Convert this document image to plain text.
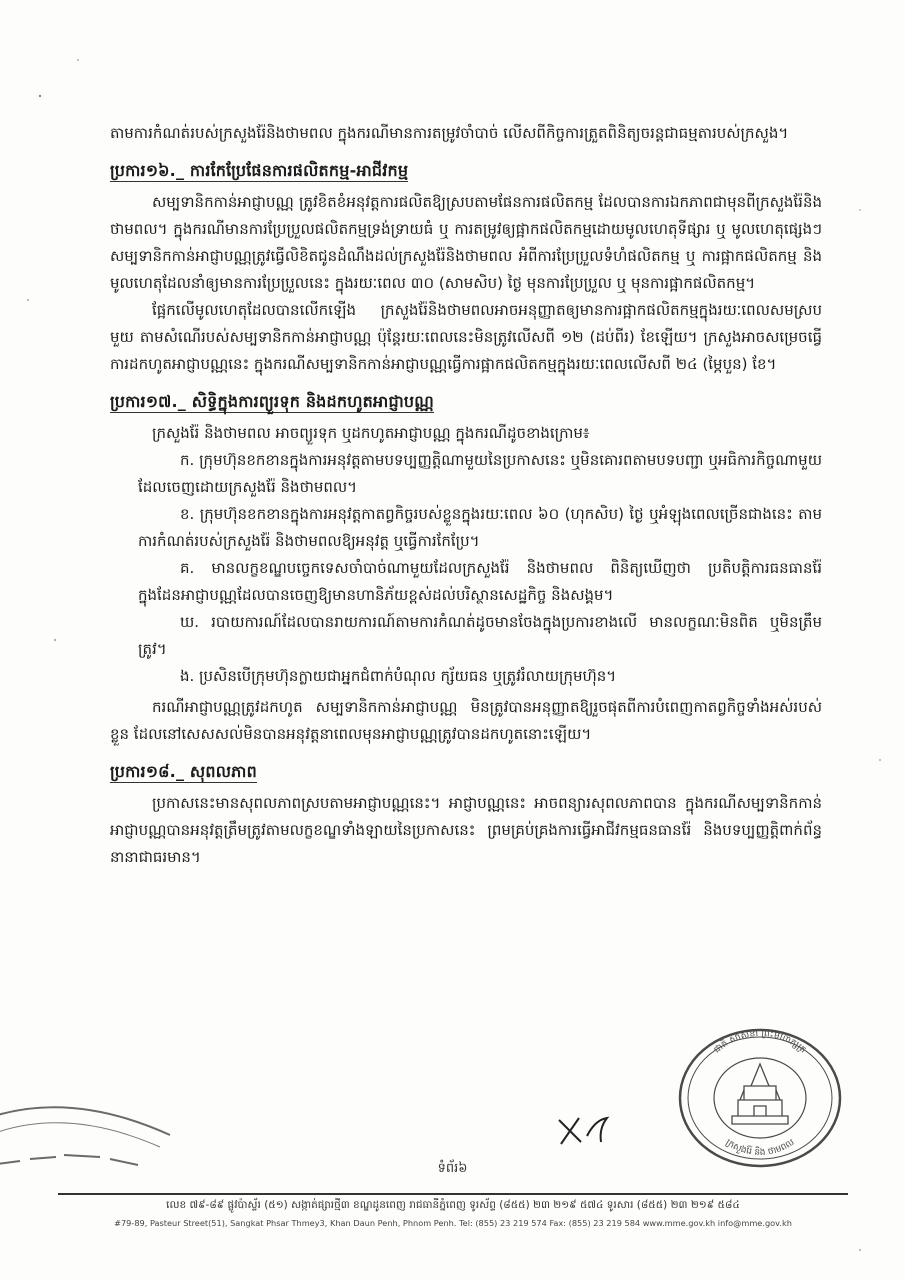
តាមការកំណត់របស់ក្រសួងរ៉ែនិងថាមពល ក្នុងករណីមានការតម្រូវចាំបាច់ លើសពីកិច្ចការត្រួតពិនិត្យចរន្តជាធម្មតារបស់ក្រសួង។

ប្រការ១៦._ ការកែប្រែផែនការផលិតកម្ម-អាជីវកម្ម

សម្បទានិកកាន់អាជ្ញាបណ្ណ ត្រូវខិតខំអនុវត្តការផលិតឱ្យស្របតាមផែនការផលិតកម្ម ដែលបានការឯកភាពជាមុនពីក្រសួងរ៉ែនិងថាមពល។ ក្នុងករណីមានការប្រែប្រួលផលិតកម្មទ្រង់ទ្រាយធំ ឬ ការតម្រូវឲ្យផ្អាកផលិតកម្មដោយមូលហេតុទីផ្សារ ឬ មូលហេតុផ្សេងៗ សម្បទានិកកាន់អាជ្ញាបណ្ណត្រូវធ្វើលិខិតជូនដំណឹងដល់ក្រសួងរ៉ែនិងថាមពល អំពីការប្រែប្រួលទំហំផលិតកម្ម ឬ ការផ្អាកផលិតកម្ម និងមូលហេតុដែលនាំឲ្យមានការប្រែប្រួលនេះ ក្នុងរយៈពេល ៣០ (សាមសិប) ថ្ងៃ មុនការប្រែប្រួល ឬ មុនការផ្អាកផលិតកម្ម។

ផ្អែកលើមូលហេតុដែលបានលើកឡើង ក្រសួងរ៉ែនិងថាមពលអាចអនុញ្ញាតឲ្យមានការផ្អាកផលិតកម្មក្នុងរយៈពេលសមស្របមួយ តាមសំណើរបស់សម្បទានិកកាន់អាជ្ញាបណ្ណ ប៉ុន្តែរយៈពេលនេះមិនត្រូវលើសពី ១២ (ដប់ពីរ) ខែឡើយ។ ក្រសួងអាចសម្រេចធ្វើការដកហូតអាជ្ញាបណ្ណនេះ ក្នុងករណីសម្បទានិកកាន់អាជ្ញាបណ្ណធ្វើការផ្អាកផលិតកម្មក្នុងរយៈពេលលើសពី ២៤ (ម្ភៃបួន) ខែ។

ប្រការ១៧._ សិទ្ធិក្នុងការព្យួរទុក និងដកហូតអាជ្ញាបណ្ណ

ក្រសួងរ៉ែ និងថាមពល អាចព្យួរទុក ឬដកហូតអាជ្ញាបណ្ណ ក្នុងករណីដូចខាងក្រោម៖

ក. ក្រុមហ៊ុនខកខានក្នុងការអនុវត្តតាមបទប្បញ្ញត្តិណាមួយនៃប្រកាសនេះ ឬមិនគោរពតាមបទបញ្ជា ឬអធិការកិច្ចណាមួយដែលចេញដោយក្រសួងរ៉ែ និងថាមពល។

ខ. ក្រុមហ៊ុនខកខានក្នុងការអនុវត្តកាតព្វកិច្ចរបស់ខ្លួនក្នុងរយៈពេល ៦០ (ហុកសិប) ថ្ងៃ ឬអំឡុងពេលច្រើនជាងនេះ តាមការកំណត់របស់ក្រសួងរ៉ែ និងថាមពលឱ្យអនុវត្ត ឬធ្វើការកែប្រែ។

គ. មានលក្ខខណ្ឌបច្ចេកទេសចាំបាច់ណាមួយដែលក្រសួងរ៉ែ និងថាមពល ពិនិត្យឃើញថា ប្រតិបត្តិការធនធានរ៉ែក្នុងដែនអាជ្ញាបណ្ណដែលបានចេញឱ្យមានហានិភ័យខ្ពស់ដល់បរិស្ថានសេដ្ឋកិច្ច និងសង្គម។

ឃ. របាយការណ៍ដែលបានរាយការណ៍តាមការកំណត់ដូចមានចែងក្នុងប្រការខាងលើ មានលក្ខណៈមិនពិត ឬមិនត្រឹមត្រូវ។

ង. ប្រសិនបើក្រុមហ៊ុនក្លាយជាអ្នកជំពាក់បំណុល ក្ស័យធន ឬត្រូវរំលាយក្រុមហ៊ុន។

ករណីអាជ្ញាបណ្ណត្រូវដកហូត សម្បទានិកកាន់អាជ្ញាបណ្ណ មិនត្រូវបានអនុញ្ញាតឱ្យរួចផុតពីការបំពេញកាតព្វកិច្ចទាំងអស់របស់ខ្លួន ដែលនៅសេសសល់មិនបានអនុវត្តនាពេលមុនអាជ្ញាបណ្ណត្រូវបានដកហូតនោះឡើយ។

ប្រការ១៨._ សុពលភាព

ប្រកាសនេះមានសុពលភាពស្របតាមអាជ្ញាបណ្ណនេះ។ អាជ្ញាបណ្ណនេះ អាចពន្យារសុពលភាពបាន ក្នុងករណីសម្បទានិកកាន់អាជ្ញាបណ្ណបានអនុវត្តត្រឹមត្រូវតាមលក្ខខណ្ឌទាំងឡាយនៃប្រកាសនេះ ព្រមគ្រប់គ្រងការធ្វើអាជីវកម្មធនធានរ៉ែ និងបទប្បញ្ញត្តិពាក់ព័ន្ធនានាជាធរមាន។

ជាតិ សាសនា ព្រះមហាក្សត្រ
ក្រសួងរ៉ែ និង ថាមពល
ទំព័រ៦
លេខ ៧៩-៨៩ ផ្លូវប៉ាស្ទ័រ (៥១) សង្កាត់ផ្សារថ្មី៣ ខណ្ឌដូនពេញ រាជធានីភ្នំពេញ ទូរស័ព្ទ (៨៥៥) ២៣ ២១៩ ៥៧៤ ទូរសារ (៨៥៥) ២៣ ២១៩ ៥៨៤
#79-89, Pasteur Street(51), Sangkat Phsar Thmey3, Khan Daun Penh, Phnom Penh. Tel: (855) 23 219 574 Fax: (855) 23 219 584 www.mme.gov.kh info@mme.gov.kh
